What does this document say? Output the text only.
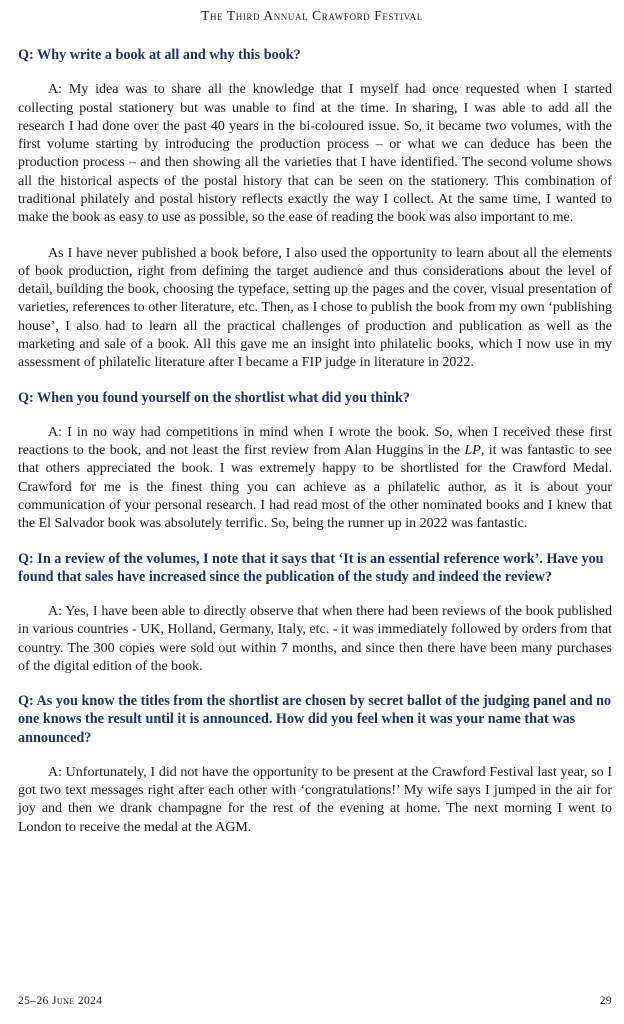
The Third Annual Crawford Festival

Q: Why write a book at all and why this book?

A: My idea was to share all the knowledge that I myself had once requested when I started collecting postal stationery but was unable to find at the time. In sharing, I was able to add all the research I had done over the past 40 years in the bi-coloured issue. So, it became two volumes, with the first volume starting by introducing the production process – or what we can deduce has been the production process – and then showing all the varieties that I have identified. The second volume shows all the historical aspects of the postal history that can be seen on the stationery. This combination of traditional philately and postal history reflects exactly the way I collect. At the same time, I wanted to make the book as easy to use as possible, so the ease of reading the book was also important to me.

As I have never published a book before, I also used the opportunity to learn about all the elements of book production, right from defining the target audience and thus considerations about the level of detail, building the book, choosing the typeface, setting up the pages and the cover, visual presentation of varieties, references to other literature, etc. Then, as I chose to publish the book from my own ‘publishing house’, I also had to learn all the practical challenges of production and publication as well as the marketing and sale of a book. All this gave me an insight into philatelic books, which I now use in my assessment of philatelic literature after I became a FIP judge in literature in 2022.

Q: When you found yourself on the shortlist what did you think?

A: I in no way had competitions in mind when I wrote the book. So, when I received these first reactions to the book, and not least the first review from Alan Huggins in the LP, it was fantastic to see that others appreciated the book. I was extremely happy to be shortlisted for the Crawford Medal. Crawford for me is the finest thing you can achieve as a philatelic author, as it is about your communication of your personal research. I had read most of the other nominated books and I knew that the El Salvador book was absolutely terrific. So, being the runner up in 2022 was fantastic.

Q: In a review of the volumes, I note that it says that ‘It is an essential reference work’. Have you found that sales have increased since the publication of the study and indeed the review?

A: Yes, I have been able to directly observe that when there had been reviews of the book published in various countries - UK, Holland, Germany, Italy, etc. - it was immediately followed by orders from that country. The 300 copies were sold out within 7 months, and since then there have been many purchases of the digital edition of the book.

Q: As you know the titles from the shortlist are chosen by secret ballot of the judging panel and no one knows the result until it is announced. How did you feel when it was your name that was announced?

A: Unfortunately, I did not have the opportunity to be present at the Crawford Festival last year, so I got two text messages right after each other with ‘congratulations!’ My wife says I jumped in the air for joy and then we drank champagne for the rest of the evening at home. The next morning I went to London to receive the medal at the AGM.

25–26 June 2024	29
